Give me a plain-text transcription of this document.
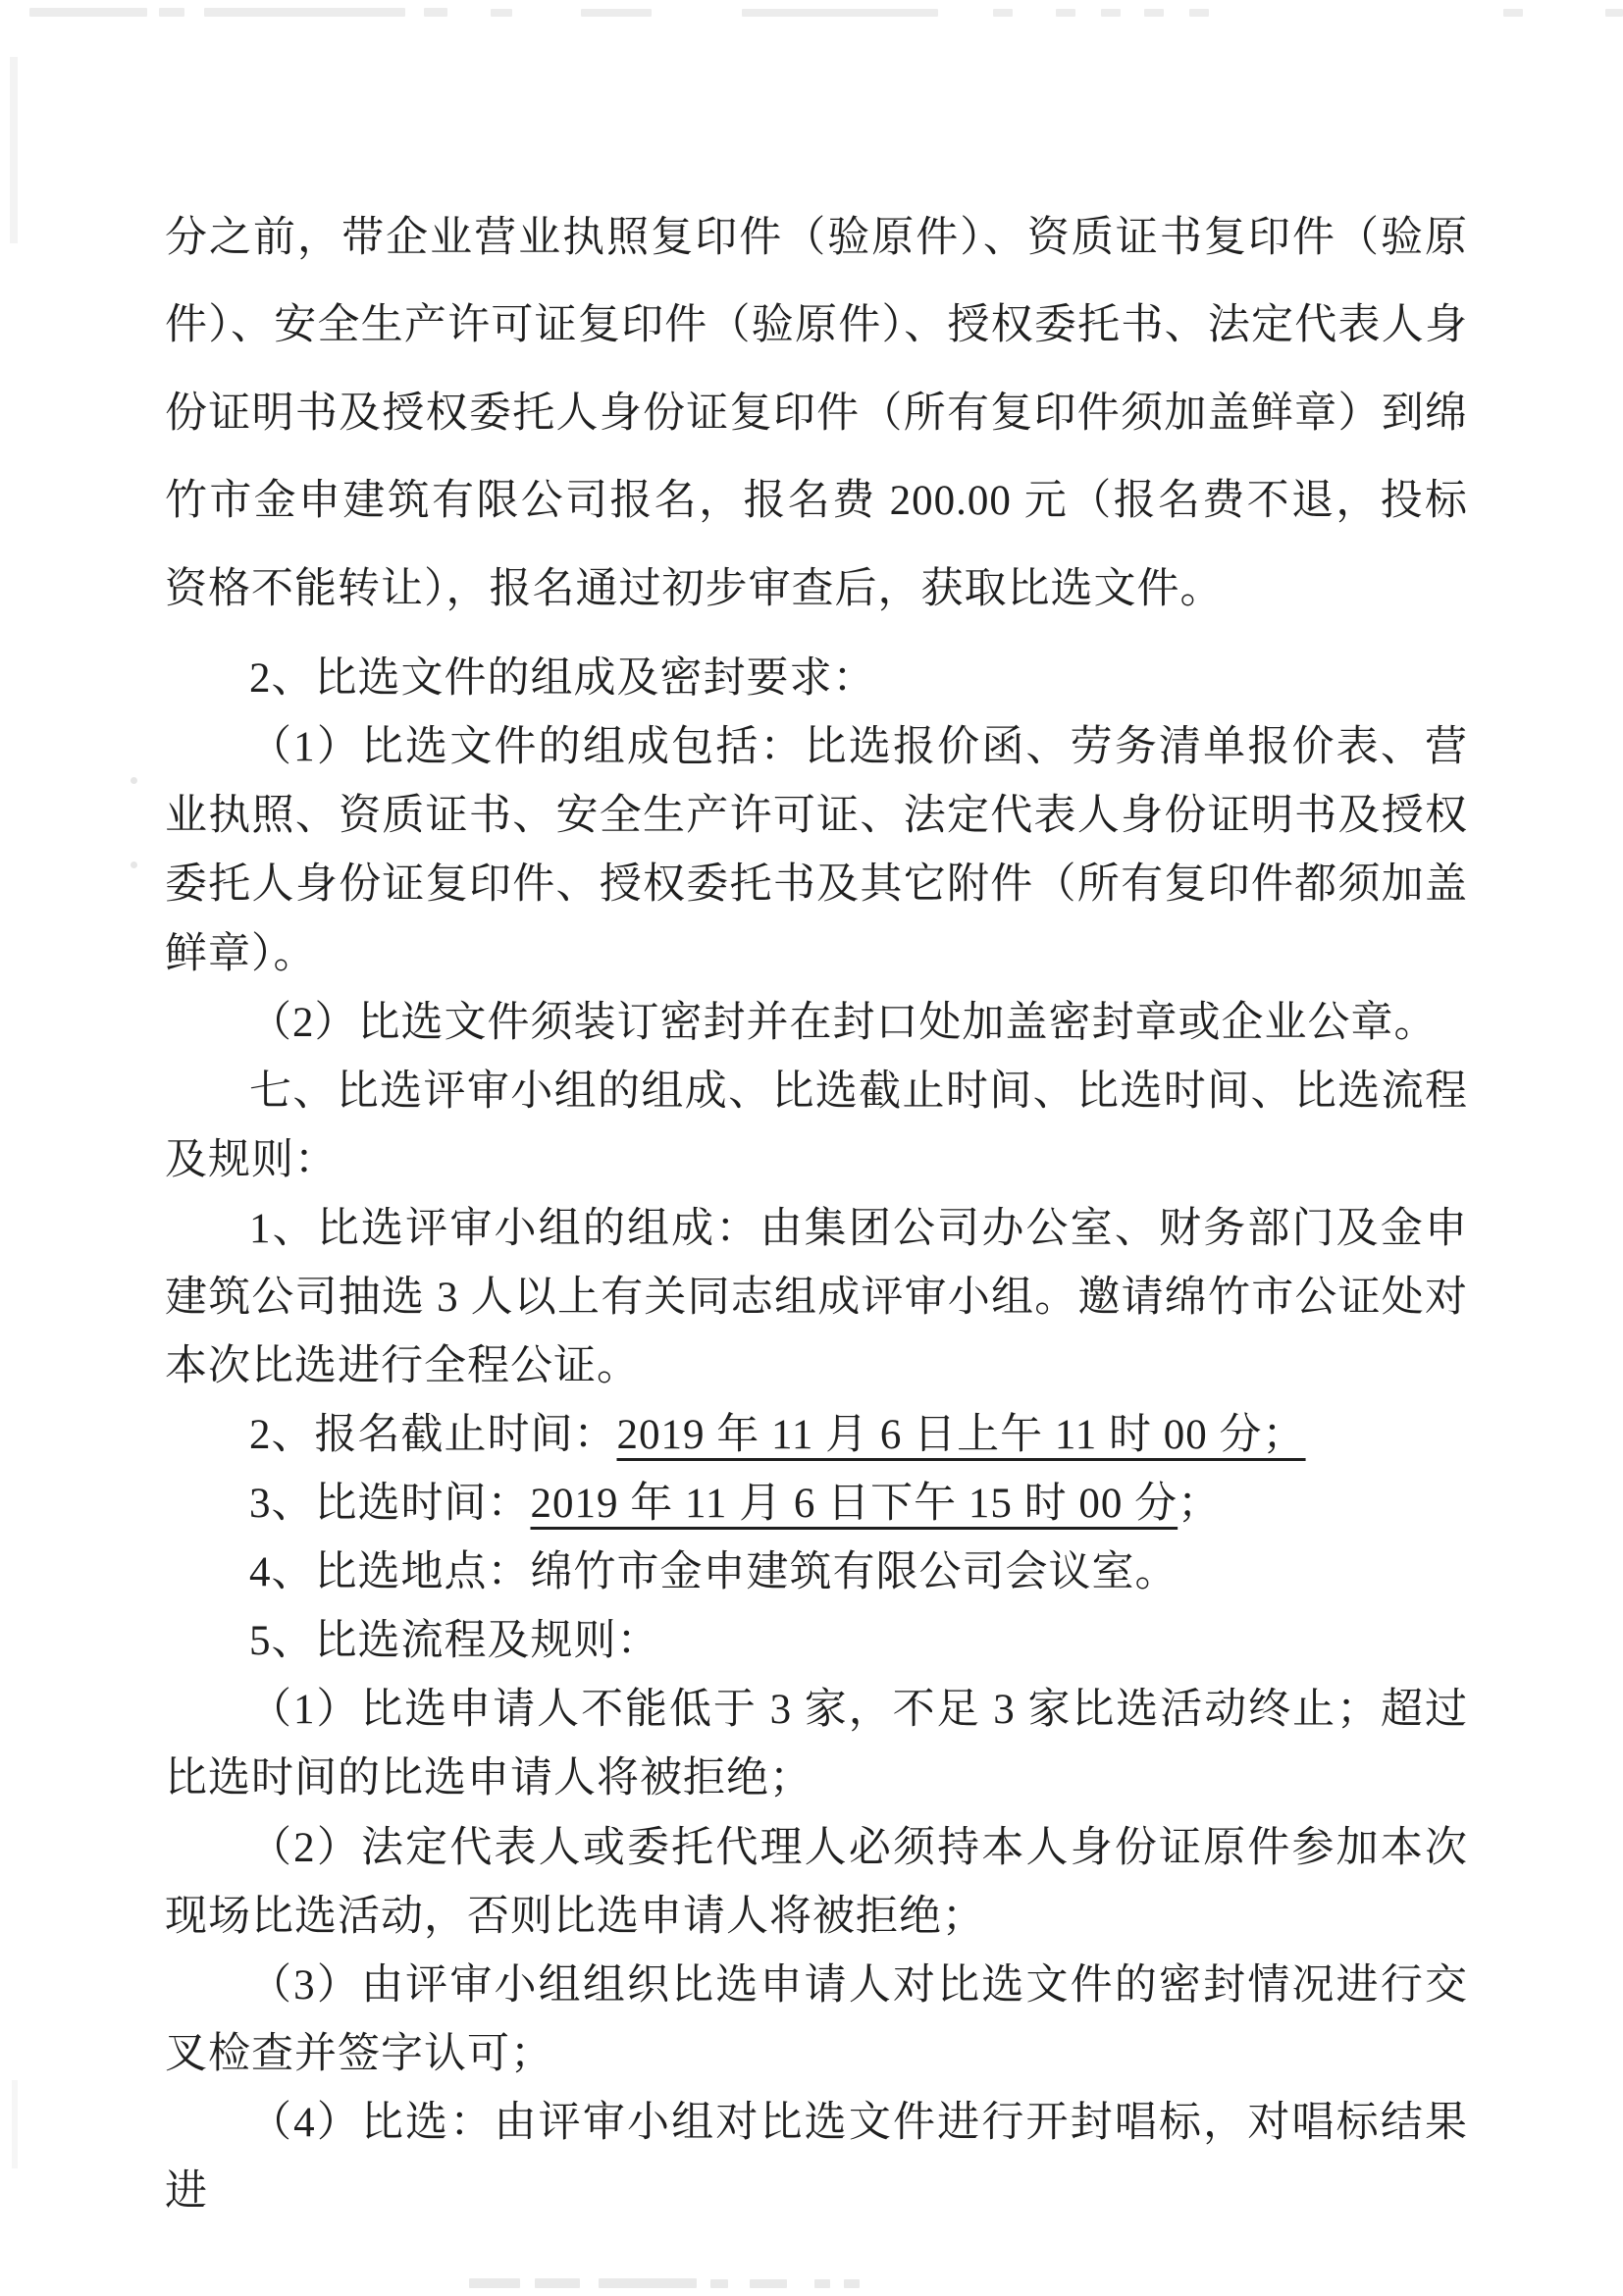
分之前，带企业营业执照复印件（验原件）、资质证书复印件（验原件）、安全生产许可证复印件（验原件）、授权委托书、法定代表人身份证明书及授权委托人身份证复印件（所有复印件须加盖鲜章）到绵竹市金申建筑有限公司报名，报名费 200.00 元（报名费不退，投标资格不能转让），报名通过初步审查后，获取比选文件。

2、比选文件的组成及密封要求：

（1）比选文件的组成包括：比选报价函、劳务清单报价表、营业执照、资质证书、安全生产许可证、法定代表人身份证明书及授权委托人身份证复印件、授权委托书及其它附件（所有复印件都须加盖鲜章）。

（2）比选文件须装订密封并在封口处加盖密封章或企业公章。

七、比选评审小组的组成、比选截止时间、比选时间、比选流程及规则：

1、比选评审小组的组成：由集团公司办公室、财务部门及金申建筑公司抽选 3 人以上有关同志组成评审小组。邀请绵竹市公证处对本次比选进行全程公证。

2、报名截止时间：2019 年 11 月 6 日上午 11 时 00 分；

3、比选时间：2019 年 11 月 6 日下午 15 时 00 分；

4、比选地点：绵竹市金申建筑有限公司会议室。

5、比选流程及规则：

（1）比选申请人不能低于 3 家，不足 3 家比选活动终止；超过比选时间的比选申请人将被拒绝；

（2）法定代表人或委托代理人必须持本人身份证原件参加本次现场比选活动，否则比选申请人将被拒绝；

（3）由评审小组组织比选申请人对比选文件的密封情况进行交叉检查并签字认可；

（4）比选：由评审小组对比选文件进行开封唱标，对唱标结果进
